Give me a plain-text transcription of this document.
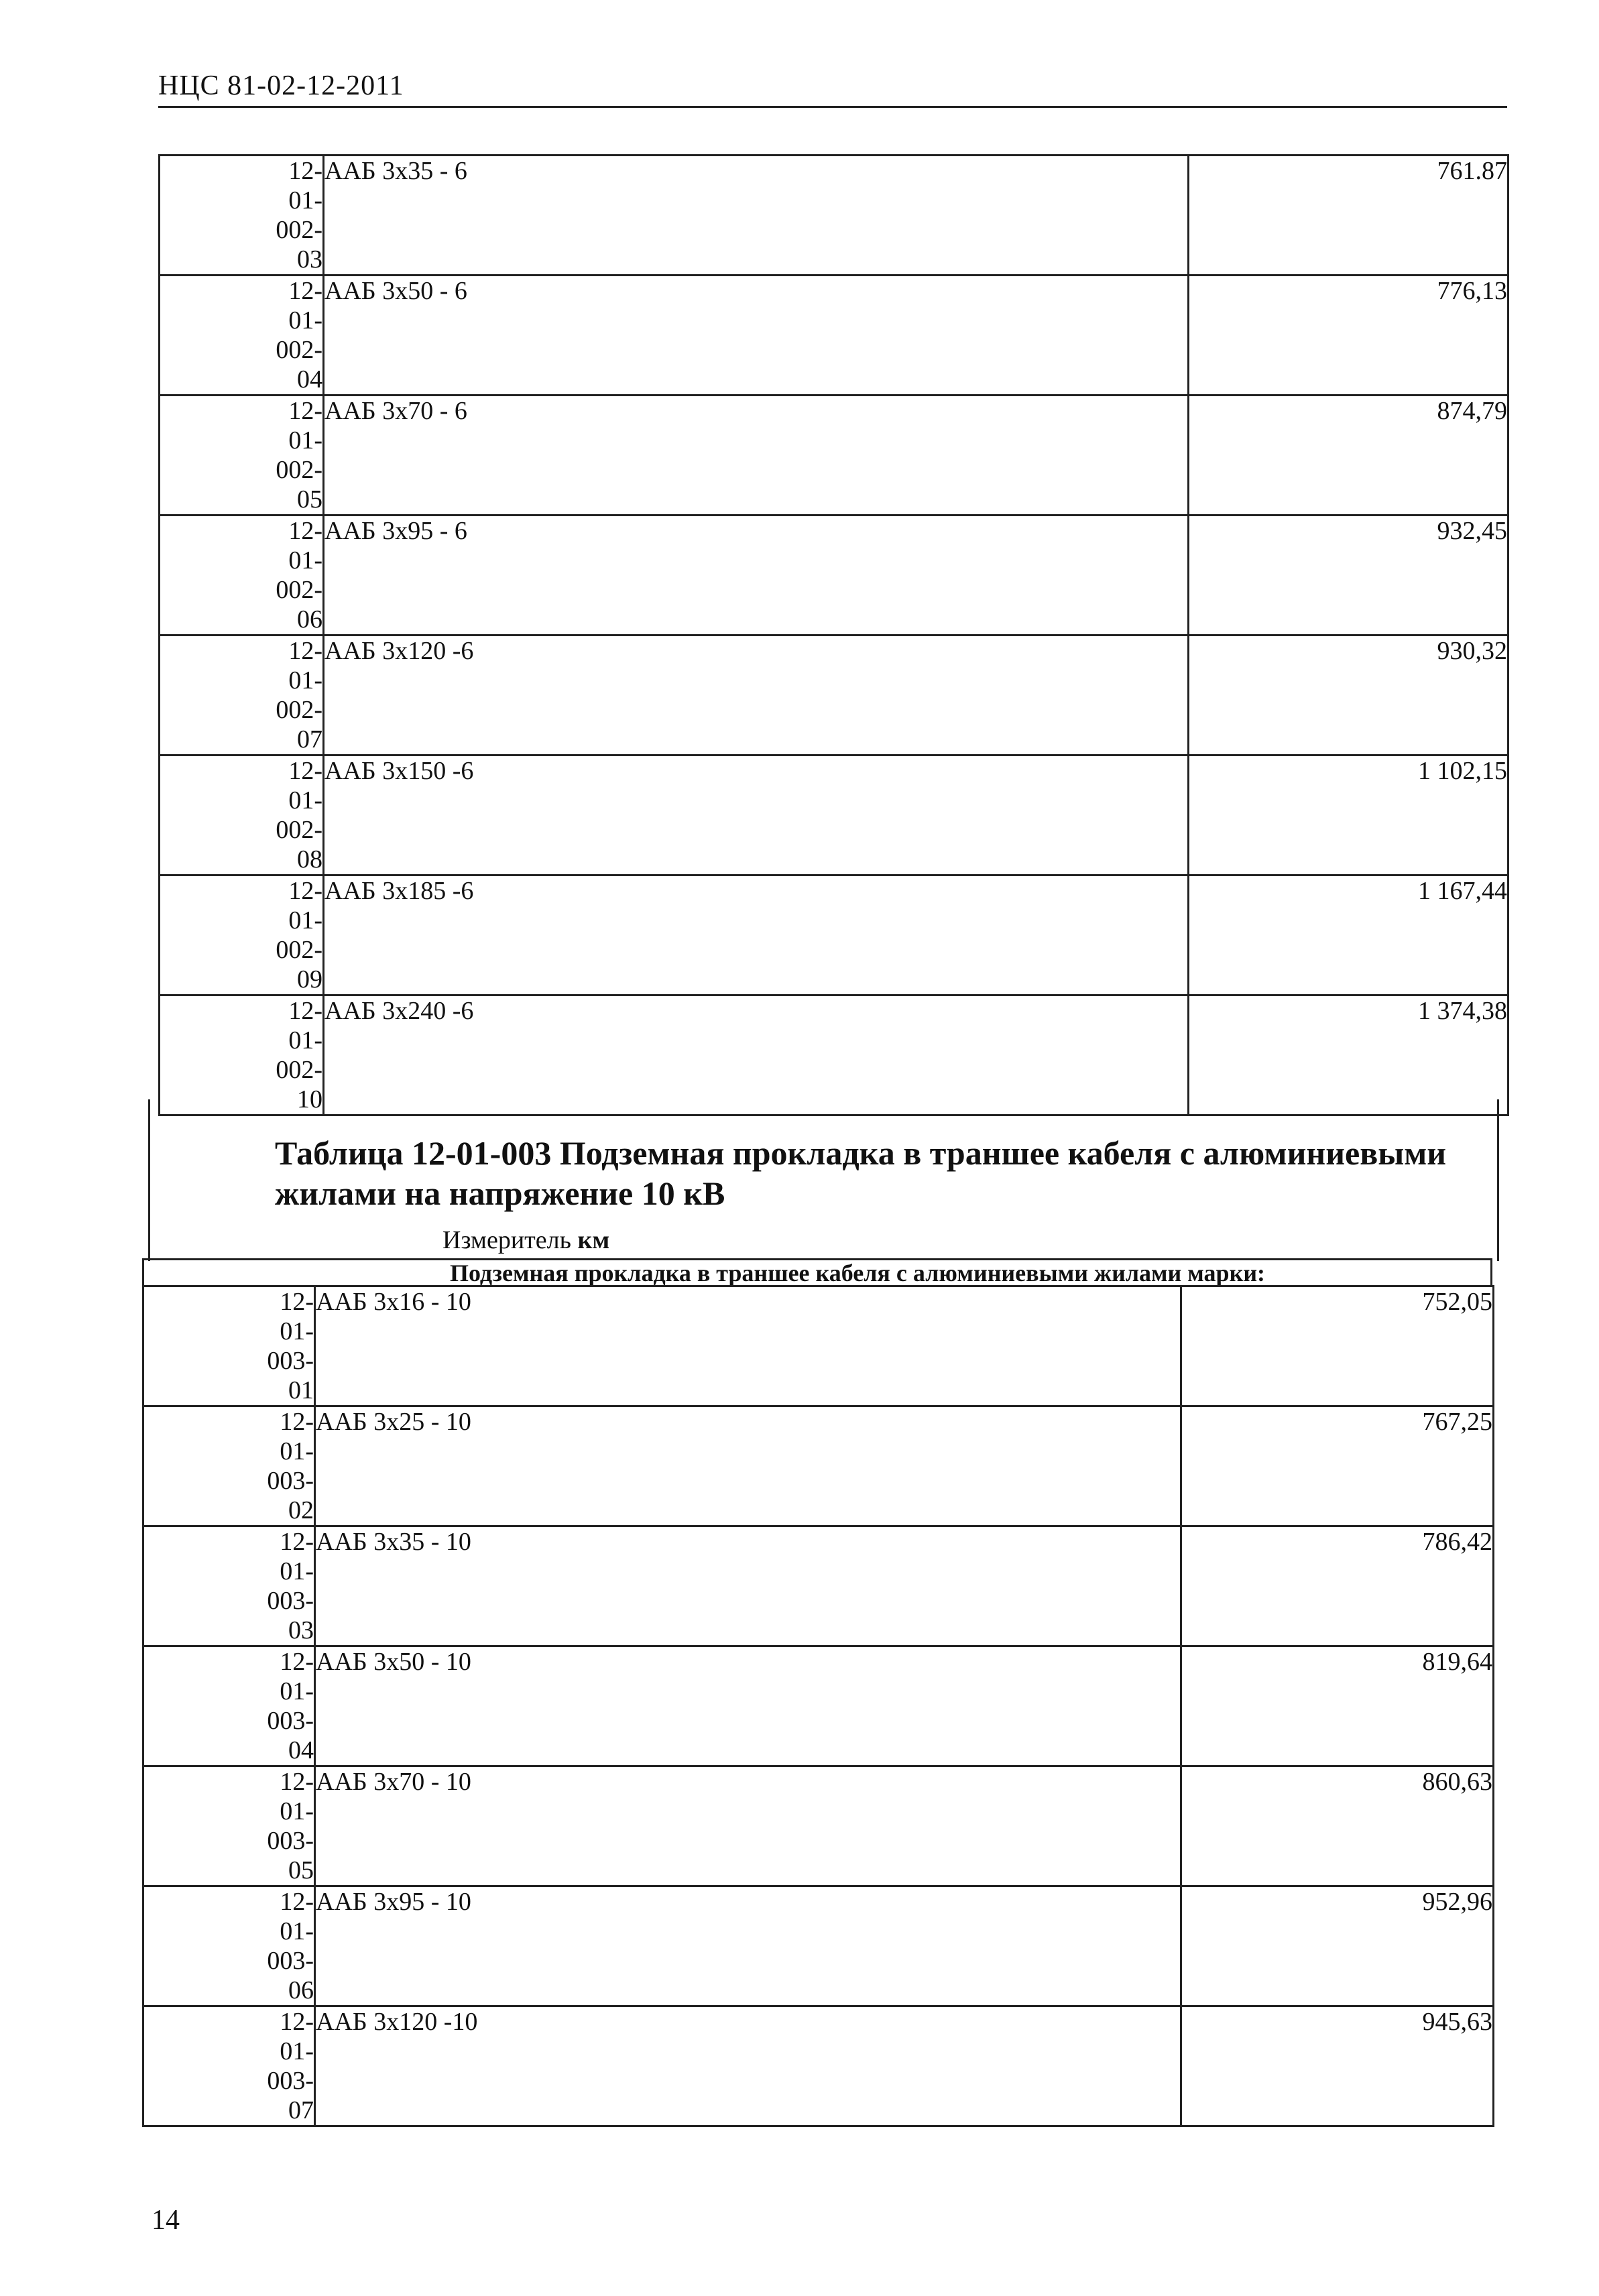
НЦС 81-02-12-2011
12-
01-
002-
03	ААБ 3х35 - 6	761.87

12-
01-
002-
04	ААБ 3х50 - 6	776,13

12-
01-
002-
05	ААБ 3х70 - 6	874,79

12-
01-
002-
06	ААБ 3х95 - 6	932,45

12-
01-
002-
07	ААБ 3х120 -6	930,32

12-
01-
002-
08	ААБ 3х150 -6	1 102,15

12-
01-
002-
09	ААБ 3х185 -6	1 167,44

12-
01-
002-
10	ААБ 3х240 -6	1 374,38
Таблица 12-01-003 Подземная прокладка в траншее кабеля с алюминиевыми жилами на напряжение 10 кВ
Измеритель км
Подземная прокладка в траншее кабеля с алюминиевыми жилами марки:
12-
01-
003-
01	ААБ 3х16 - 10	752,05

12-
01-
003-
02	ААБ 3х25 - 10	767,25

12-
01-
003-
03	ААБ 3х35 - 10	786,42

12-
01-
003-
04	ААБ 3х50 - 10	819,64

12-
01-
003-
05	ААБ 3х70 - 10	860,63

12-
01-
003-
06	ААБ 3х95 - 10	952,96

12-
01-
003-
07	ААБ 3х120 -10	945,63
14
